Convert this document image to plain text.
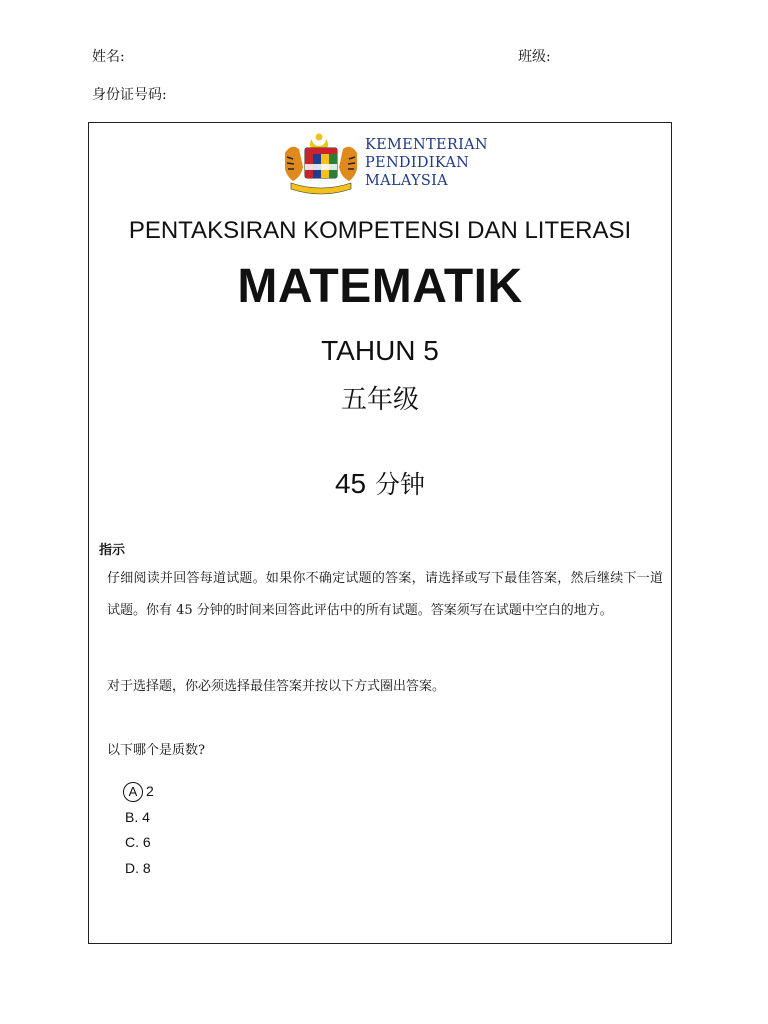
姓名:	班级:
身份证号码:
KEMENTERIAN
PENDIDIKAN
MALAYSIA
PENTAKSIRAN KOMPETENSI DAN LITERASI
MATEMATIK
TAHUN 5
五年级
45 分钟
指示
仔细阅读并回答每道试题。如果你不确定试题的答案，请选择或写下最佳答案，然后继续下一道试题。你有 45 分钟的时间来回答此评估中的所有试题。答案须写在试题中空白的地方。
对于选择题，你必须选择最佳答案并按以下方式圈出答案。
以下哪个是质数?
A 2
B. 4
C. 6
D. 8
